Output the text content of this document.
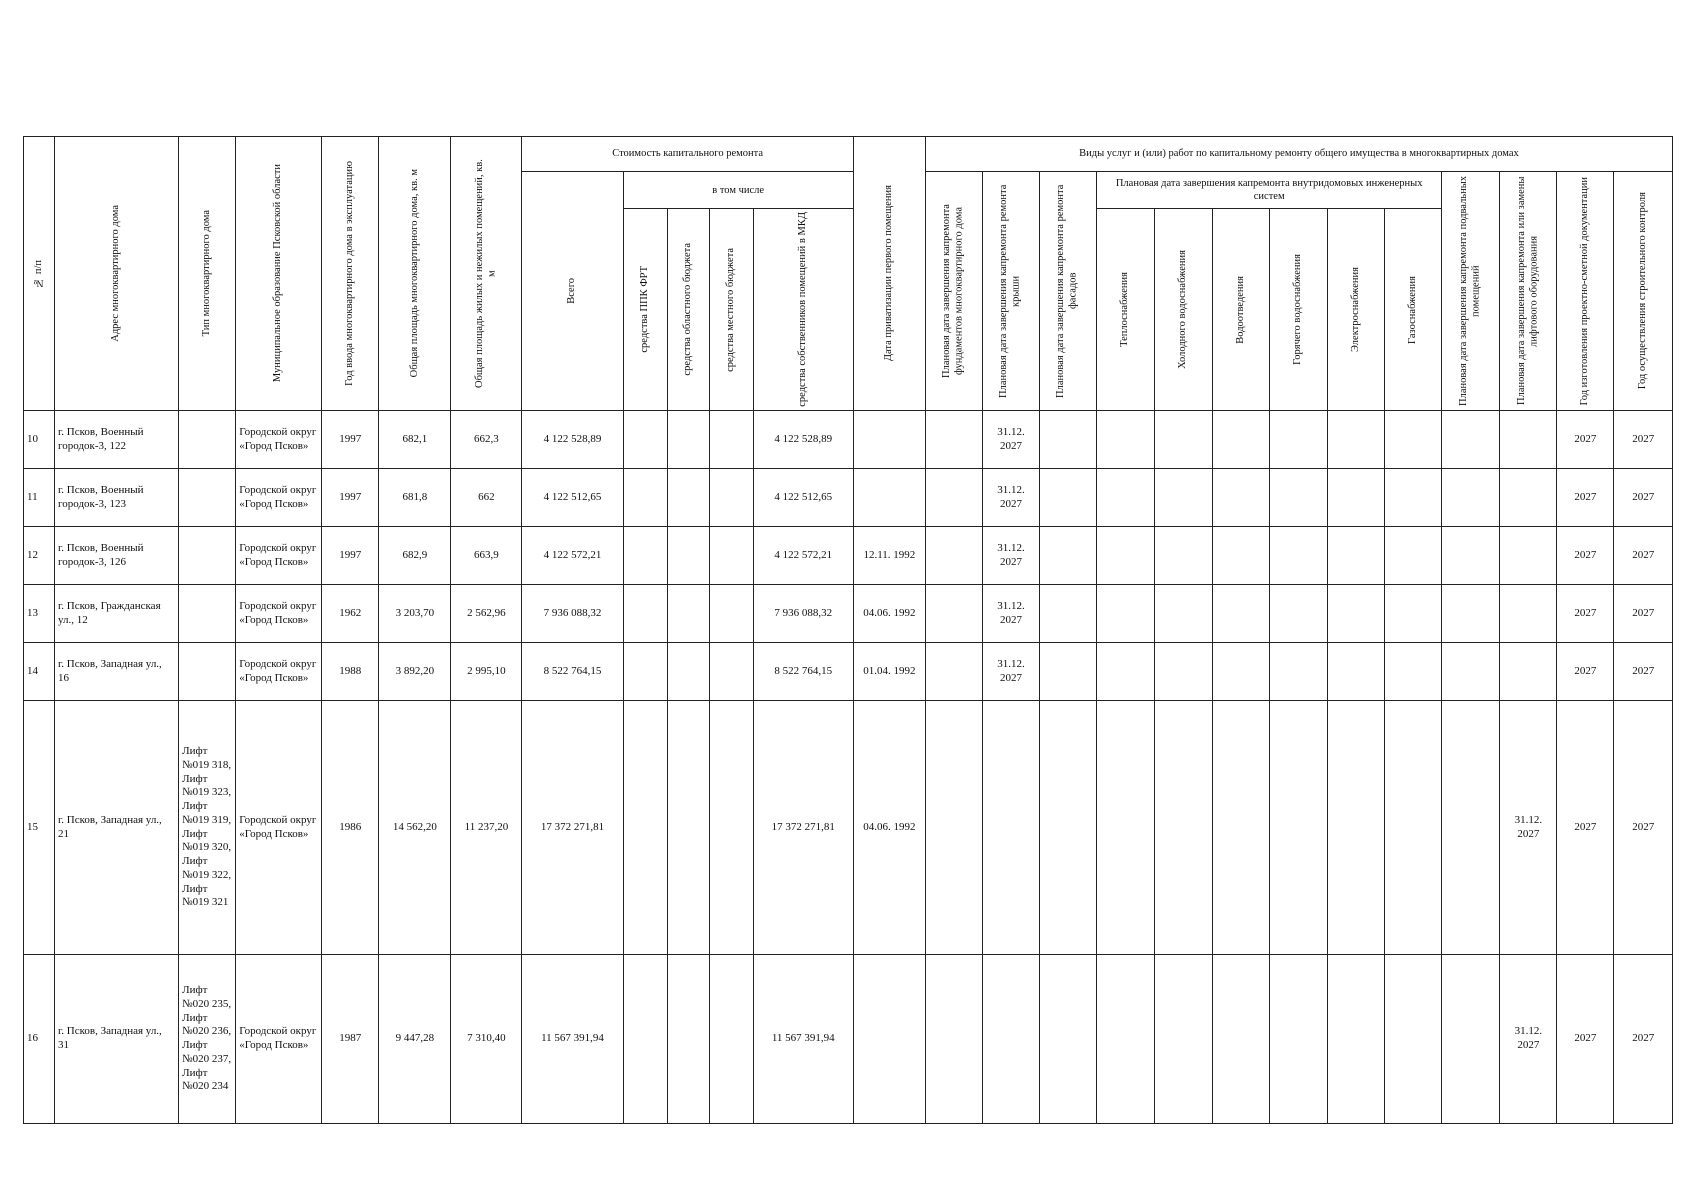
№ п/п	Адрес многоквартирного дома	Тип многоквартирного дома	Муниципальное образование Псковской области	Год ввода многоквартирного дома в эксплуатацию	Общая площадь многоквартирного дома, кв. м	Общая площадь жилых и нежилых помещений, кв. м	Стоимость капитального ремонта					Дата приватизации первого помещения	Виды услуг и (или) работ по капитальному ремонту общего имущества в многоквартирных домах												

							Всего	в том числе					Плановая дата завершения капремонта фундаментов многоквартирного дома	Плановая дата завершения капремонта ремонта крыши	Плановая дата завершения капремонта ремонта фасадов	Плановая дата завершения капремонта внутридомовых инженерных систем						Плановая дата завершения капремонта подвальных помещений	Плановая дата завершения капремонта или замены лифтового оборудования	Год изготовления проектно-сметной документации	Год осуществления строительного контроля

								средства ППК ФРТ	средства областного бюджета	средства местного бюджета	средства собственников помещений в МКД					Теплоснабжения	Холодного водоснабжения	Водоотведения	Горячего водоснабжения	Электроснабжения	Газоснабжения				

10	г. Псков, Военный городок-3, 122		Городской округ «Город Псков»	1997	682,1	662,3	4 122 528,89				4 122 528,89			31.12. 2027										2027	2027
11	г. Псков, Военный городок-3, 123		Городской округ «Город Псков»	1997	681,8	662	4 122 512,65				4 122 512,65			31.12. 2027										2027	2027
12	г. Псков, Военный городок-3, 126		Городской округ «Город Псков»	1997	682,9	663,9	4 122 572,21				4 122 572,21	12.11. 1992		31.12. 2027										2027	2027
13	г. Псков, Гражданская ул., 12		Городской округ «Город Псков»	1962	3 203,70	2 562,96	7 936 088,32				7 936 088,32	04.06. 1992		31.12. 2027										2027	2027
14	г. Псков, Западная ул., 16		Городской округ «Город Псков»	1988	3 892,20	2 995,10	8 522 764,15				8 522 764,15	01.04. 1992		31.12. 2027										2027	2027
15	г. Псков, Западная ул., 21	Лифт №019 318, Лифт №019 323, Лифт №019 319, Лифт №019 320, Лифт №019 322, Лифт №019 321	Городской округ «Город Псков»	1986	14 562,20	11 237,20	17 372 271,81				17 372 271,81	04.06. 1992											31.12. 2027	2027	2027
16	г. Псков, Западная ул., 31	Лифт №020 235, Лифт №020 236, Лифт №020 237, Лифт №020 234	Городской округ «Город Псков»	1987	9 447,28	7 310,40	11 567 391,94				11 567 391,94												31.12. 2027	2027	2027
